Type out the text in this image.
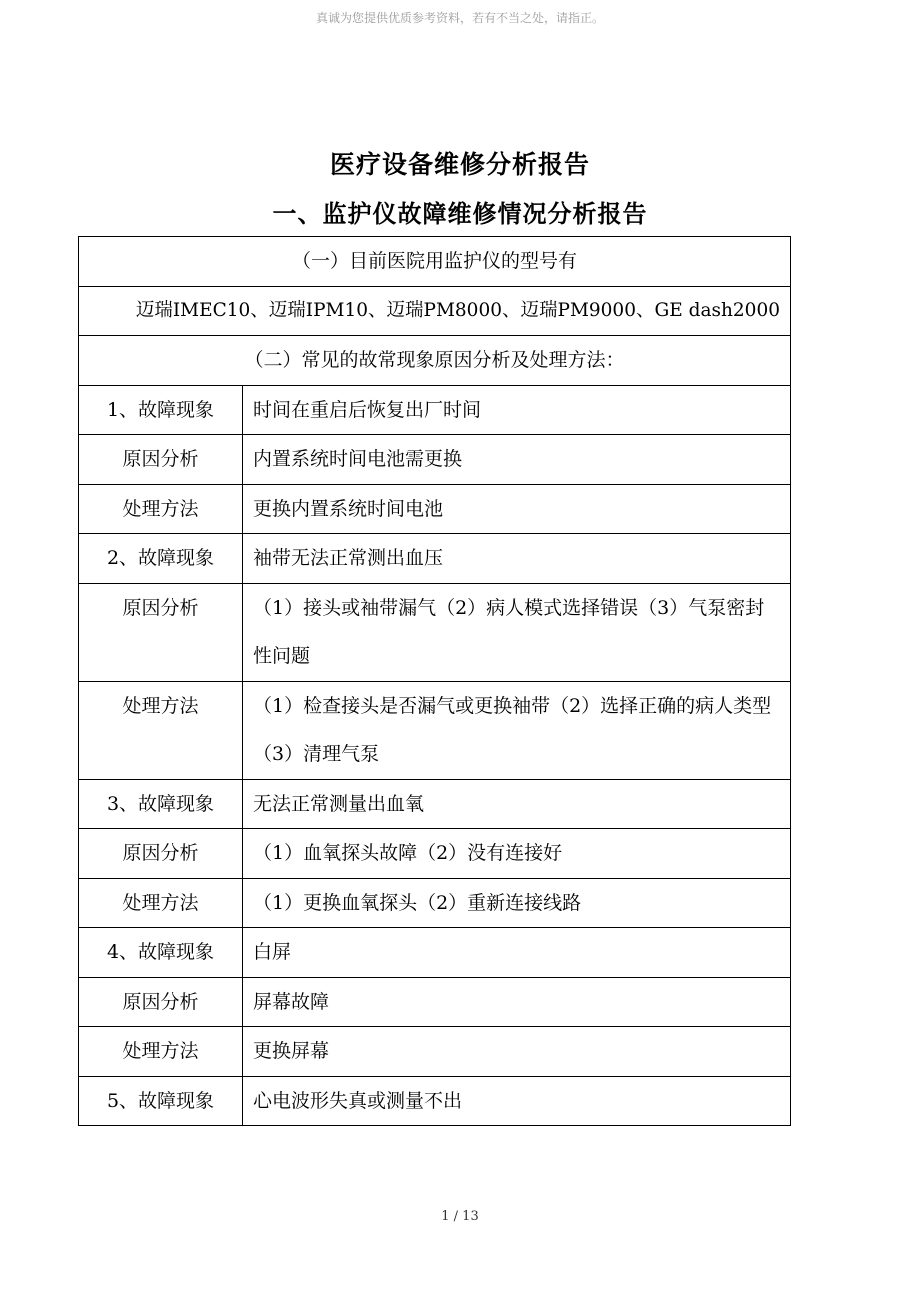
真诚为您提供优质参考资料，若有不当之处，请指正。
医疗设备维修分析报告
一、监护仪故障维修情况分析报告
（一）目前医院用监护仪的型号有	
迈瑞IMEC10、迈瑞IPM10、迈瑞PM8000、迈瑞PM9000、GE dash2000	
（二）常见的故常现象原因分析及处理方法：	
1、故障现象	时间在重启后恢复出厂时间
原因分析	内置系统时间电池需更换
处理方法	更换内置系统时间电池
2、故障现象	袖带无法正常测出血压
原因分析	（1）接头或袖带漏气（2）病人模式选择错误（3）气泵密封性问题
处理方法	（1）检查接头是否漏气或更换袖带（2）选择正确的病人类型（3）清理气泵
3、故障现象	无法正常测量出血氧
原因分析	（1）血氧探头故障（2）没有连接好
处理方法	（1）更换血氧探头（2）重新连接线路
4、故障现象	白屏
原因分析	屏幕故障
处理方法	更换屏幕
5、故障现象	心电波形失真或测量不出
1 / 13
